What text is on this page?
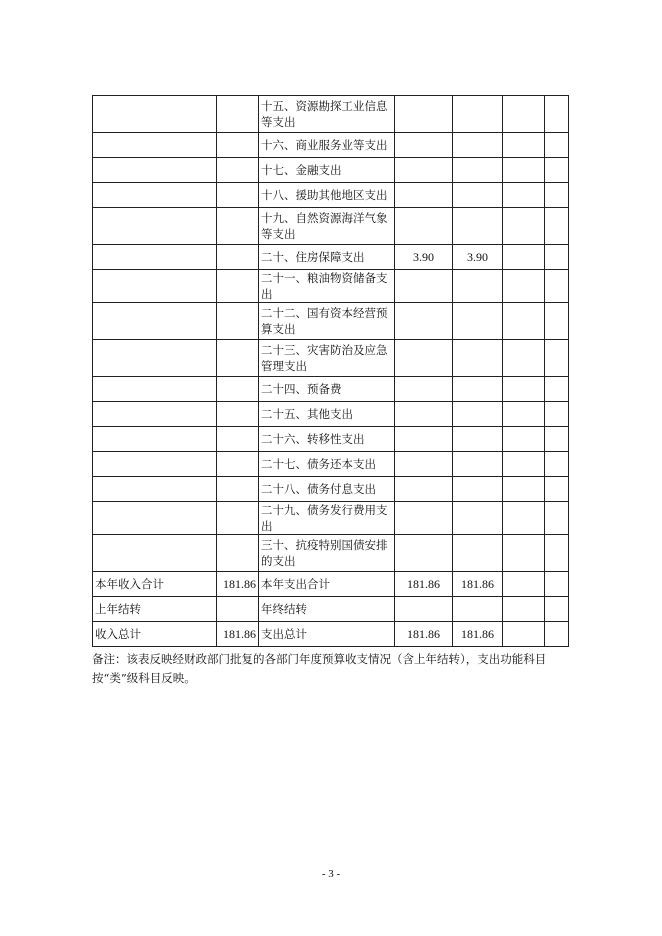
		十五、资源勘探工业信息等支出				
		十六、商业服务业等支出				
		十七、金融支出				
		十八、援助其他地区支出				
		十九、自然资源海洋气象等支出				
		二十、住房保障支出	3.90	3.90		
		二十一、粮油物资储备支出				
		二十二、国有资本经营预算支出				
		二十三、灾害防治及应急管理支出				
		二十四、预备费				
		二十五、其他支出				
		二十六、转移性支出				
		二十七、债务还本支出				
		二十八、债务付息支出				
		二十九、债务发行费用支出				
		三十、抗疫特别国债安排的支出				
本年收入合计	181.86	本年支出合计	181.86	181.86		
上年结转		年终结转				
收入总计	181.86	支出总计	181.86	181.86		

备注：该表反映经财政部门批复的各部门年度预算收支情况（含上年结转），支出功能科目按“类”级科目反映。

- 3 -
